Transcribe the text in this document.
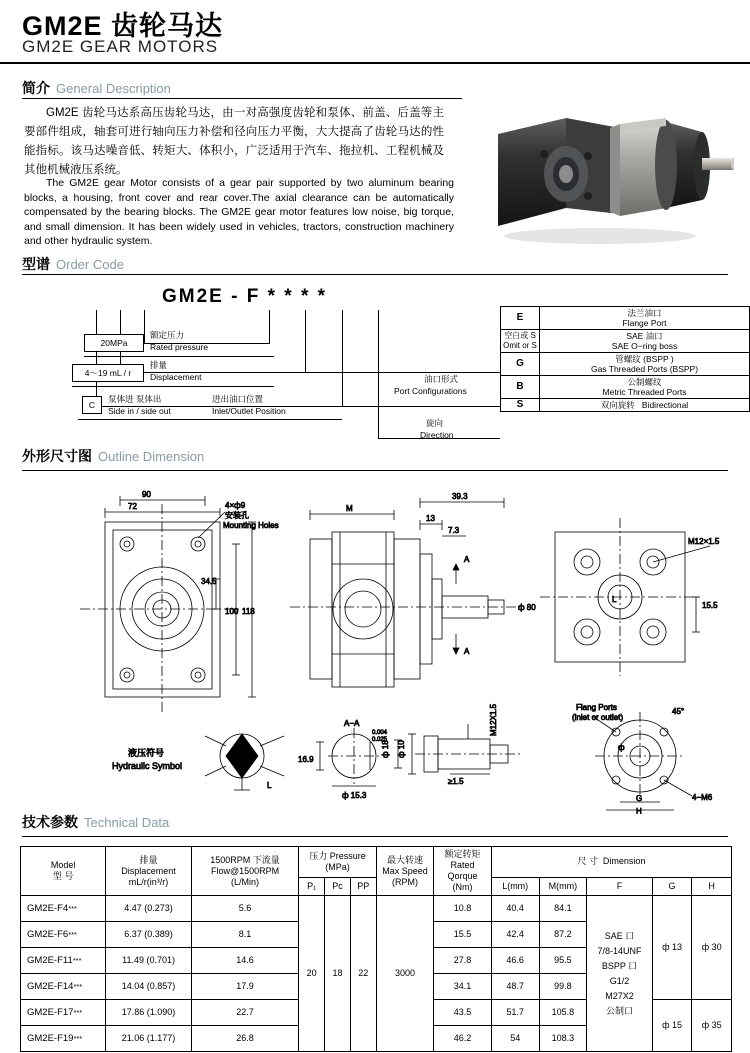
GM2E 齿轮马达
GM2E GEAR MOTORS
简介 General Description
GM2E 齿轮马达系高压齿轮马达，由一对高强度齿轮和泵体、前盖、后盖等主要部件组成，轴套可进行轴向压力补偿和径向压力平衡，大大提高了齿轮马达的性能指标。该马达噪音低、转矩大、体积小，广泛适用于汽车、拖拉机、工程机械及其他机械液压系统。
The GM2E gear Motor consists of a gear pair supported by two aluminum bearing blocks, a housing, front cover and rear cover.The axial clearance can be automatically compensated by the bearing blocks. The GM2E gear motor features low noise, big torque, and small dimension. It has been widely used in vehicles, tractors, construction machinery and other hydraulic system.
型谱 Order Code
GM2E - F * * * *
20MPa
额定压力
Rated pressure
4～19 mL / r
排量
Displacement
C
泵体进 泵体出
Side in / side out
进出油口位置
Inlet/Outlet Position
油口形式
Port Configurations
旋向
Direction
E	法兰油口
Flange Port
空白或 S
Omit or S	SAE 油口
SAE O−ring boss
G	管螺纹 (BSPP )
Gas Threaded Ports (BSPP)
B	公制螺纹
Metric Threaded Ports
S	双向旋转 Bidirectional
外形尺寸图 Outline Dimension
90
72	4×ф9
安装孔
Mounting Holes
34.5
100 118
M
39.3
13
7.3
A
A
ф 80
M12×1.5
15.5
L
液压符号
Hydraulic Symbol
L
A−A
0.004
0.025
16.9
ф 15.3
ф 18 ф 10
M12X1.5
≥1.5
Flang Ports
(inlet or outlet)
45°
4−M6
G
H
ф
技术参数 Technical Data
Model
型 号	排量
Displacement
mL/r(in³/r)	1500RPM 下流量
Flow@1500RPM
(L/Min)	压力 Pressure (MPa)			最大转速
Max Speed
(RPM)	额定转矩
Rated Qorque
(Nm)	尺 寸 Dimension				
			P₁	Pc	PP			L(mm)	M(mm)	F	G	H
GM2E-F4***	4.47 (0.273)	5.6	20	18	22	3000	10.8	40.4	84.1	SAE 口
7/8-14UNF
BSPP 口
G1/2
M27X2
公制口	ф 13	ф 30
GM2E-F6***	6.37 (0.389)	8.1					15.5	42.4	87.2			
GM2E-F11***	11.49 (0.701)	14.6					27.8	46.6	95.5			
GM2E-F14***	14.04 (0.857)	17.9					34.1	48.7	99.8			
GM2E-F17***	17.86 (1.090)	22.7					43.5	51.7	105.8		ф 15	ф 35
GM2E-F19***	21.06 (1.177)	26.8					46.2	54	108.3			
